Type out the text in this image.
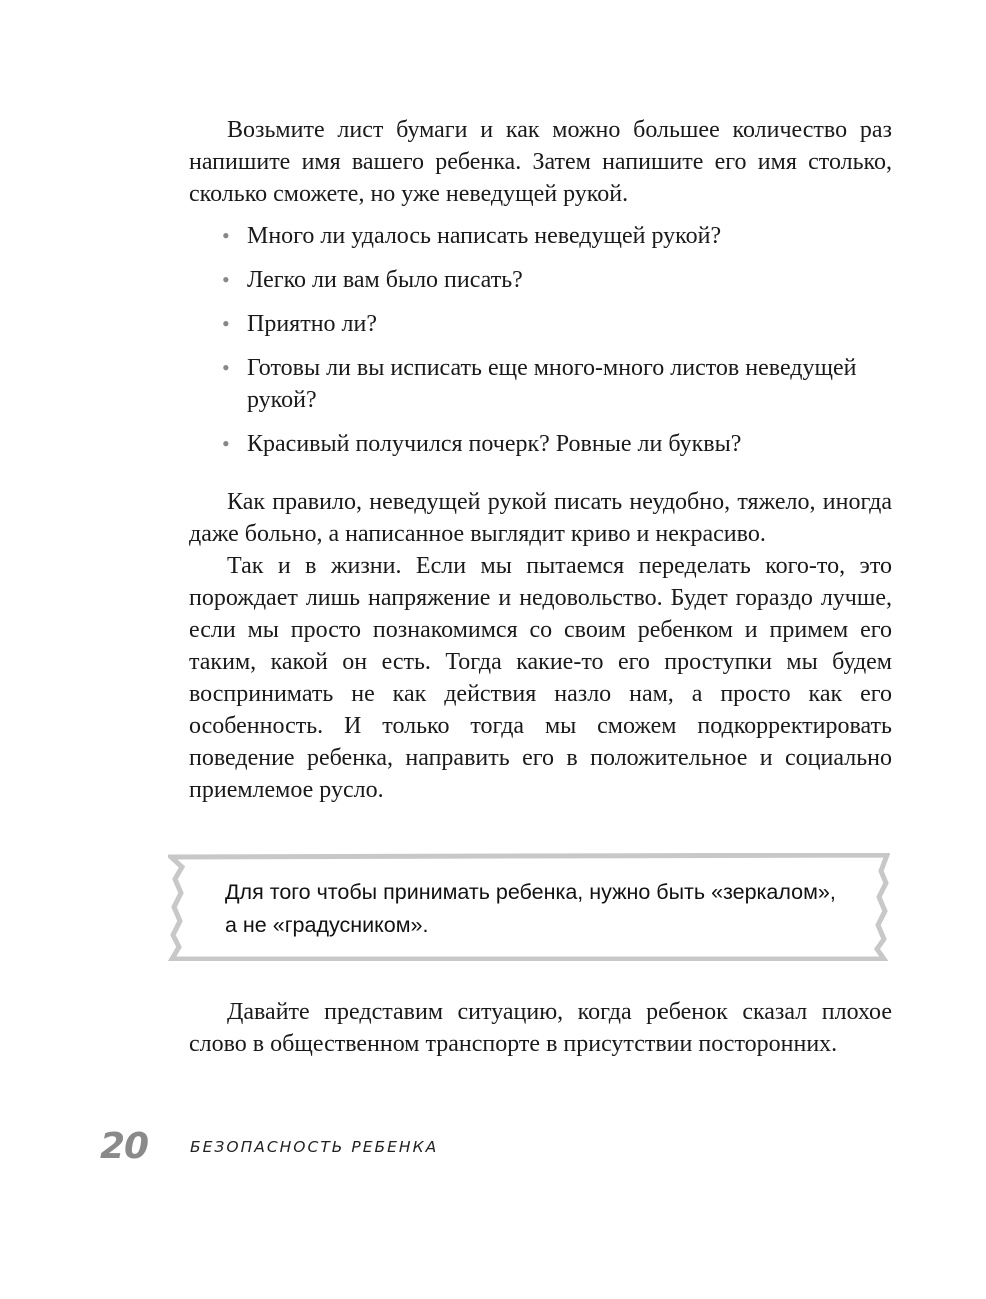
Возьмите лист бумаги и как можно большее количество раз напишите имя вашего ребенка. Затем напишите его имя столько, сколько сможете, но уже неведущей рукой.

• Много ли удалось написать неведущей рукой?
• Легко ли вам было писать?
• Приятно ли?
• Готовы ли вы исписать еще много-много листов неведущей рукой?
• Красивый получился почерк? Ровные ли буквы?

Как правило, неведущей рукой писать неудобно, тяжело, иногда даже больно, а написанное выглядит криво и некрасиво.

Так и в жизни. Если мы пытаемся переделать кого-то, это порождает лишь напряжение и недовольство. Будет гораздо лучше, если мы просто познакомимся со своим ребенком и примем его таким, какой он есть. Тогда какие-то его проступки мы будем воспринимать не как действия назло нам, а просто как его особенность. И только тогда мы сможем подкорректировать поведение ребенка, направить его в положительное и социально приемлемое русло.

Для того чтобы принимать ребенка, нужно быть «зеркалом»,
а не «градусником».

Давайте представим ситуацию, когда ребенок сказал плохое слово в общественном транспорте в присутствии посторонних.

20	БЕЗОПАСНОСТЬ РЕБЕНКА
